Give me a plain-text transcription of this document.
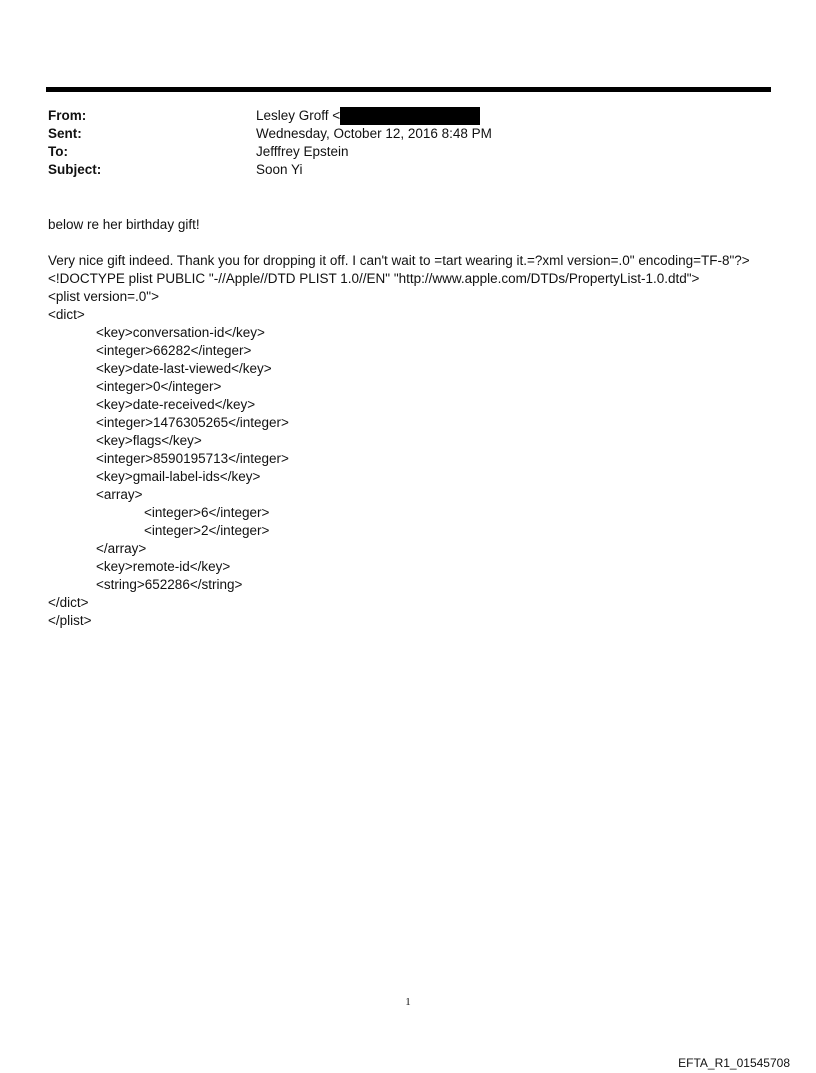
From:	Lesley Groff <
Sent:	Wednesday, October 12, 2016 8:48 PM
To:	Jefffrey Epstein
Subject:	Soon Yi
below re her birthday gift!
Very nice gift indeed. Thank you for dropping it off. I can't wait to =tart wearing it.=?xml version=.0" encoding=TF-8"?>
<!DOCTYPE plist PUBLIC "-//Apple//DTD PLIST 1.0//EN" "http://www.apple.com/DTDs/PropertyList-1.0.dtd">
<plist version=.0">
<dict>
<key>conversation-id</key>
<integer>66282</integer>
<key>date-last-viewed</key>
<integer>0</integer>
<key>date-received</key>
<integer>1476305265</integer>
<key>flags</key>
<integer>8590195713</integer>
<key>gmail-label-ids</key>
<array>
<integer>6</integer>
<integer>2</integer>
</array>
<key>remote-id</key>
<string>652286</string>
</dict>
</plist>
1
EFTA_R1_01545708
